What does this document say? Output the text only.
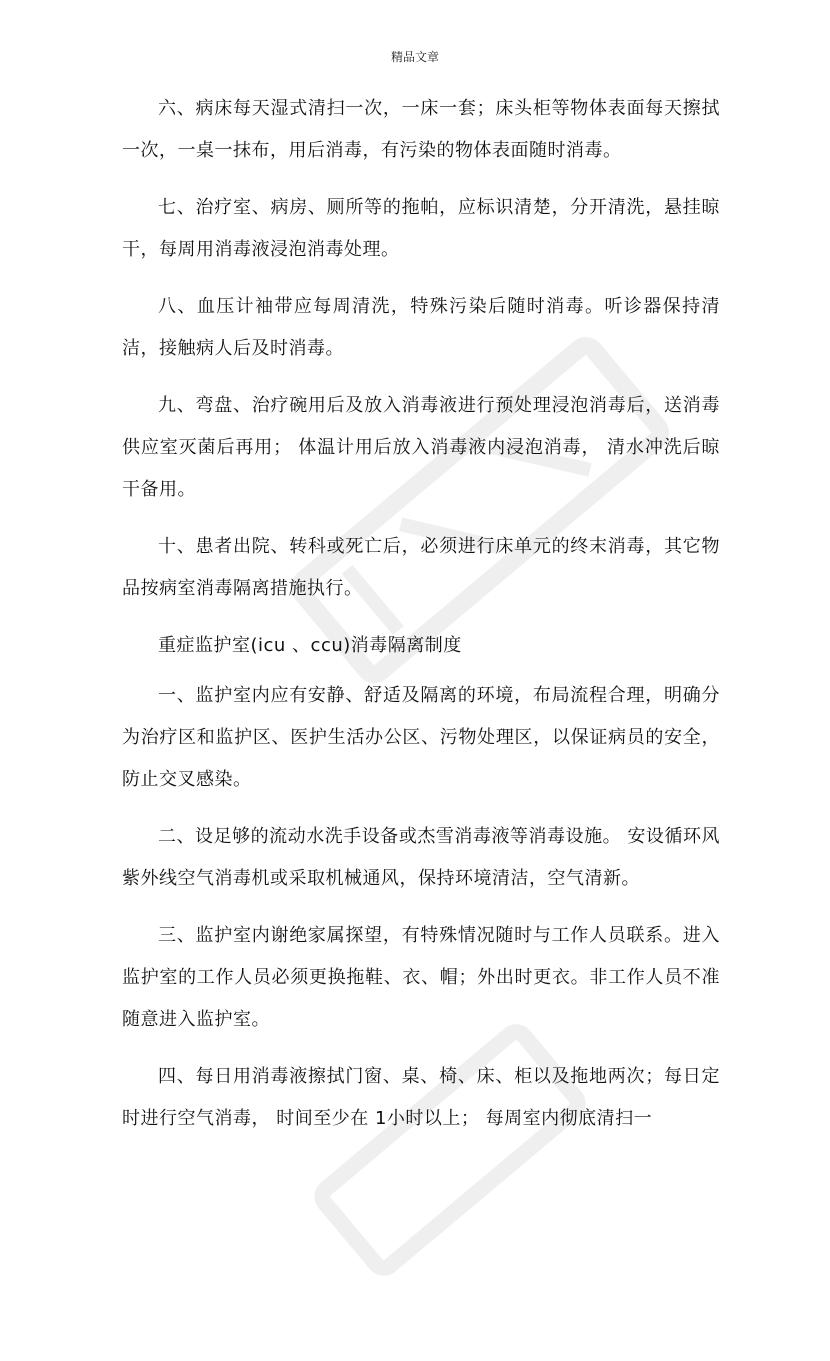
精品文章

六、病床每天湿式清扫一次，一床一套；床头柜等物体表面每天擦拭一次，一桌一抹布，用后消毒，有污染的物体表面随时消毒。

七、治疗室、病房、厕所等的拖帕，应标识清楚，分开清洗，悬挂晾干，每周用消毒液浸泡消毒处理。

八、血压计袖带应每周清洗，特殊污染后随时消毒。听诊器保持清洁，接触病人后及时消毒。

九、弯盘、治疗碗用后及放入消毒液进行预处理浸泡消毒后，送消毒供应室灭菌后再用； 体温计用后放入消毒液内浸泡消毒， 清水冲洗后晾干备用。

十、患者出院、转科或死亡后，必须进行床单元的终末消毒，其它物品按病室消毒隔离措施执行。

重症监护室(icu 、ccu)消毒隔离制度

一、监护室内应有安静、舒适及隔离的环境，布局流程合理，明确分为治疗区和监护区、医护生活办公区、污物处理区，以保证病员的安全，防止交叉感染。

二、设足够的流动水洗手设备或杰雪消毒液等消毒设施。 安设循环风紫外线空气消毒机或采取机械通风，保持环境清洁，空气清新。

三、监护室内谢绝家属探望，有特殊情况随时与工作人员联系。进入监护室的工作人员必须更换拖鞋、衣、帽；外出时更衣。非工作人员不准随意进入监护室。

四、每日用消毒液擦拭门窗、桌、椅、床、柜以及拖地两次；每日定时进行空气消毒， 时间至少在 1小时以上； 每周室内彻底清扫一
